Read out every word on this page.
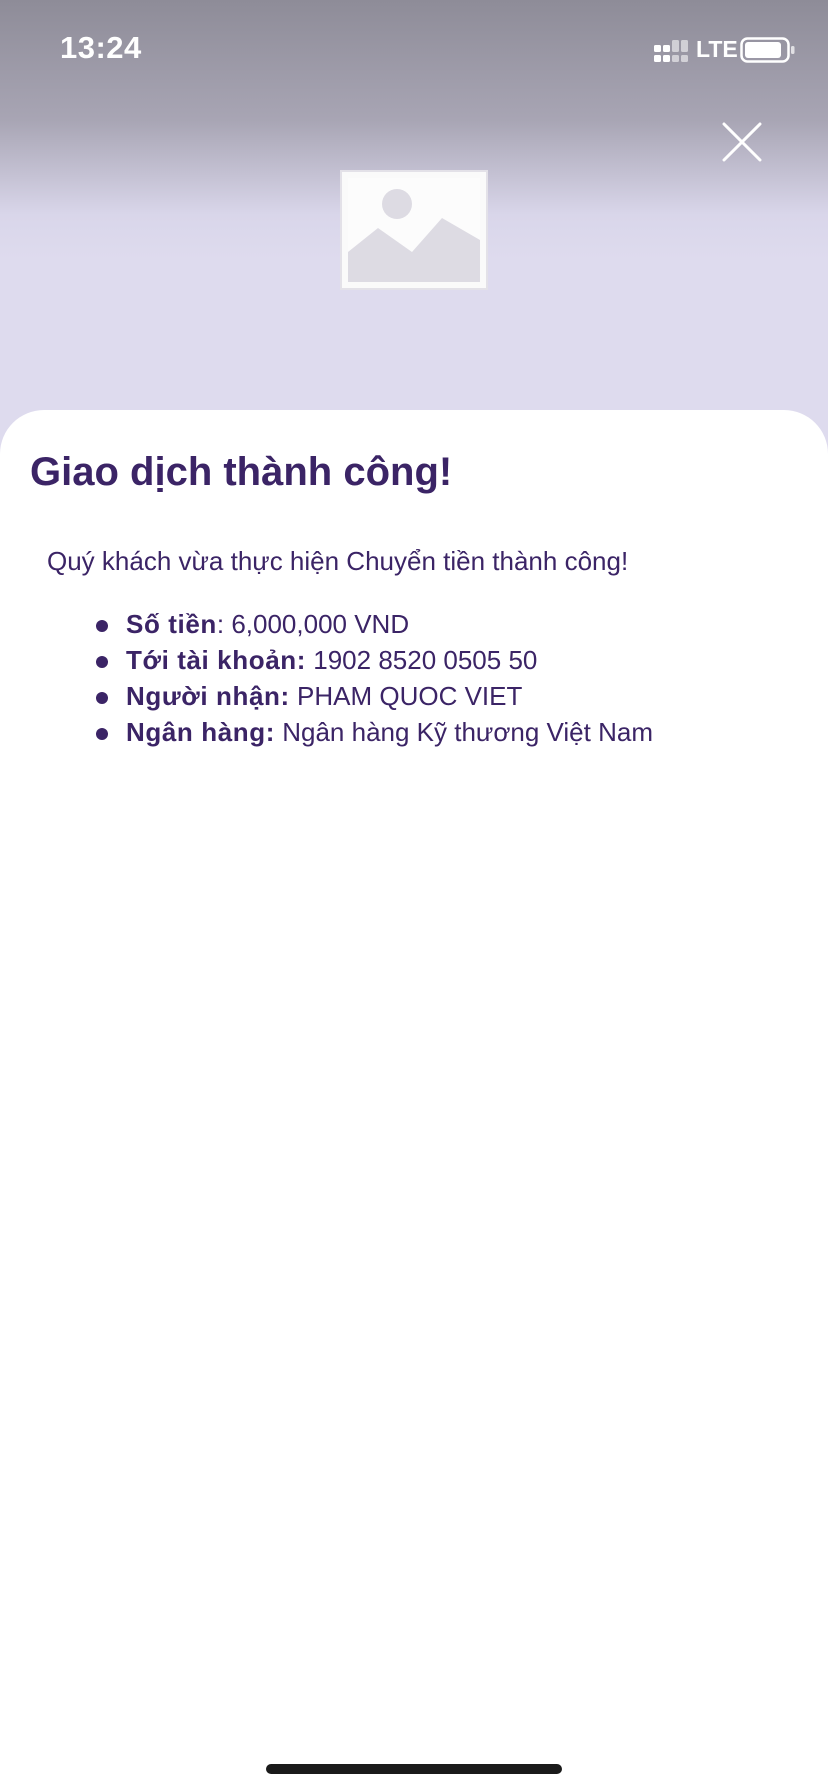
13:24	LTE
Giao dịch thành công!

Quý khách vừa thực hiện Chuyển tiền thành công!

Số tiền: 6,000,000 VND
Tới tài khoản: 1902 8520 0505 50
Người nhận: PHAM QUOC VIET
Ngân hàng: Ngân hàng Kỹ thương Việt Nam
